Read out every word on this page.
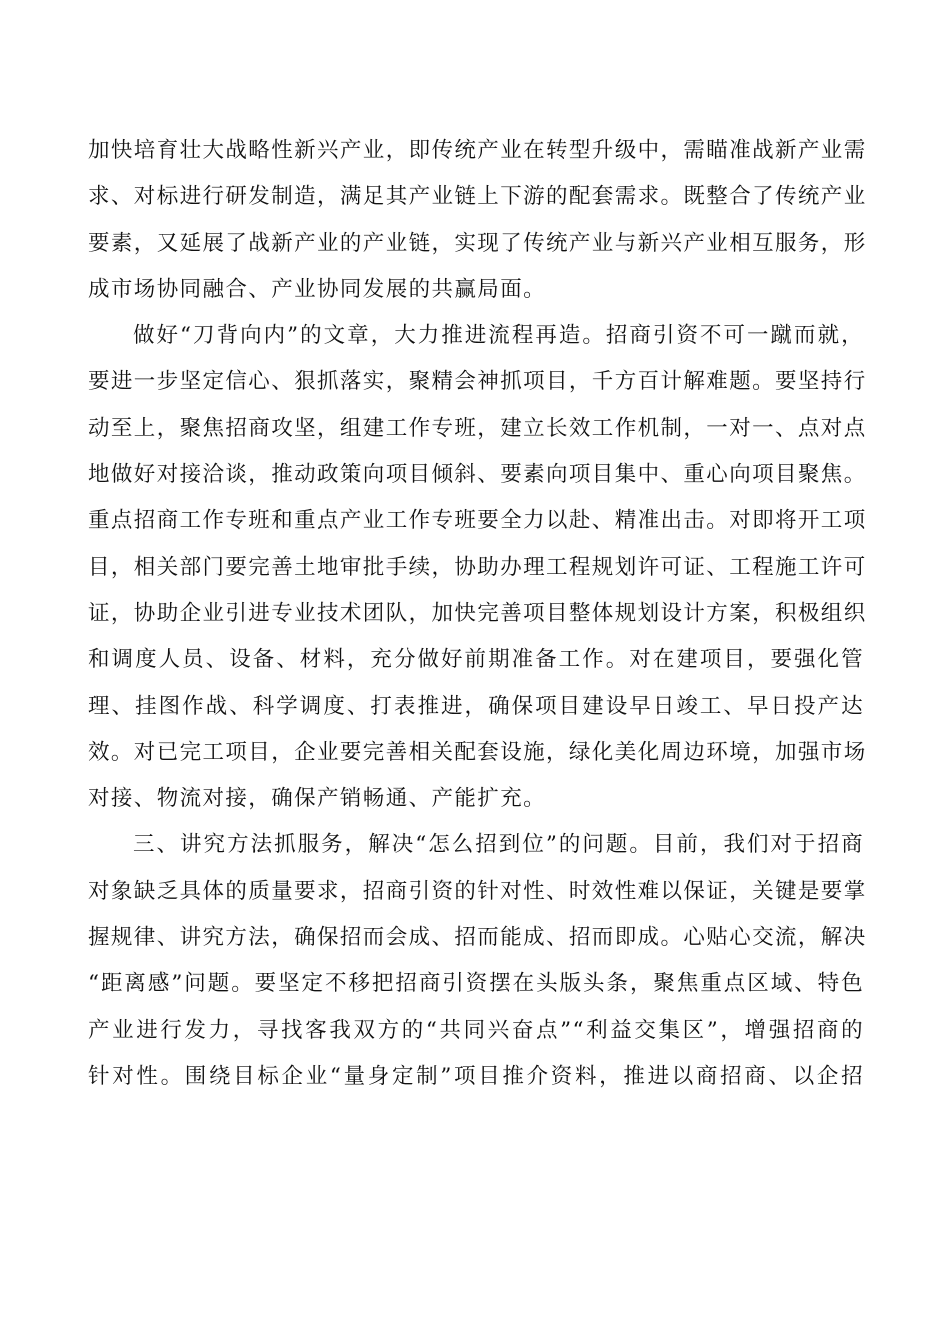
加快培育壮大战略性新兴产业，即传统产业在转型升级中，需瞄准战新产业需
求、对标进行研发制造，满足其产业链上下游的配套需求。既整合了传统产业
要素，又延展了战新产业的产业链，实现了传统产业与新兴产业相互服务，形
成市场协同融合、产业协同发展的共赢局面。

做好“刀背向内”的文章，大力推进流程再造。招商引资不可一蹴而就，
要进一步坚定信心、狠抓落实，聚精会神抓项目，千方百计解难题。要坚持行
动至上，聚焦招商攻坚，组建工作专班，建立长效工作机制，一对一、点对点
地做好对接洽谈，推动政策向项目倾斜、要素向项目集中、重心向项目聚焦。
重点招商工作专班和重点产业工作专班要全力以赴、精准出击。对即将开工项
目，相关部门要完善土地审批手续，协助办理工程规划许可证、工程施工许可
证，协助企业引进专业技术团队，加快完善项目整体规划设计方案，积极组织
和调度人员、设备、材料，充分做好前期准备工作。对在建项目，要强化管
理、挂图作战、科学调度、打表推进，确保项目建设早日竣工、早日投产达
效。对已完工项目，企业要完善相关配套设施，绿化美化周边环境，加强市场
对接、物流对接，确保产销畅通、产能扩充。

三、讲究方法抓服务，解决“怎么招到位”的问题。目前，我们对于招商
对象缺乏具体的质量要求，招商引资的针对性、时效性难以保证，关键是要掌
握规律、讲究方法，确保招而会成、招而能成、招而即成。心贴心交流，解决
“距离感”问题。要坚定不移把招商引资摆在头版头条，聚焦重点区域、特色
产业进行发力，寻找客我双方的“共同兴奋点”“利益交集区”，增强招商的
针对性。围绕目标企业“量身定制”项目推介资料，推进以商招商、以企招
